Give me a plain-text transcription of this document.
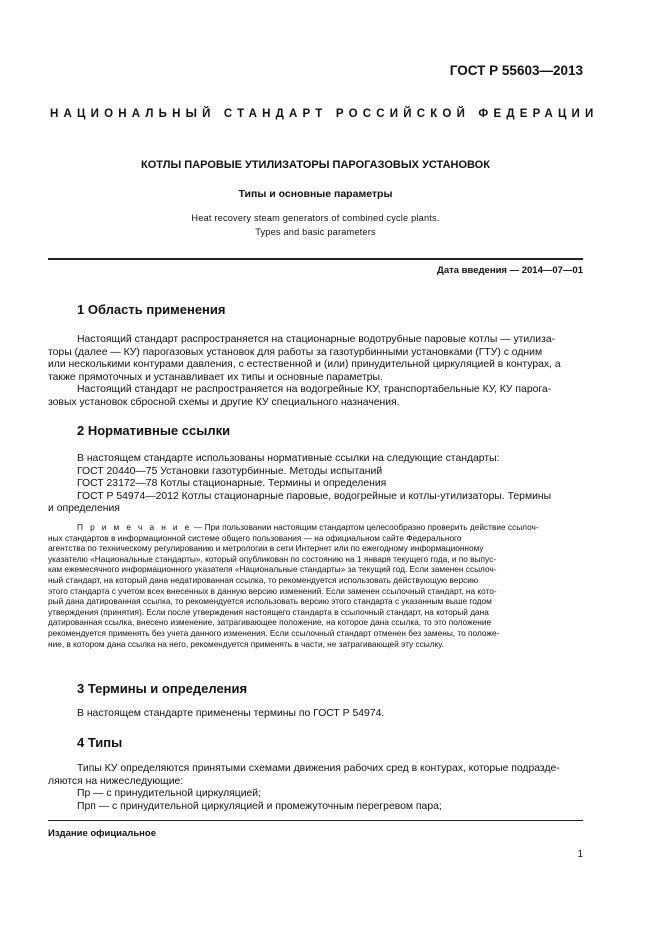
ГОСТ Р 55603—2013
НАЦИОНАЛЬНЫЙ СТАНДАРТ РОССИЙСКОЙ ФЕДЕРАЦИИ
КОТЛЫ ПАРОВЫЕ УТИЛИЗАТОРЫ ПАРОГАЗОВЫХ УСТАНОВОК
Типы и основные параметры
Heat recovery steam generators of combined cycle plants.
Types and basic parameters
Дата введения — 2014—07—01
1 Область применения
Настоящий стандарт распространяется на стационарные водотрубные паровые котлы — утилиза-
торы (далее — КУ) парогазовых установок для работы за газотурбинными установками (ГТУ) с одним
или несколькими контурами давления, с естественной и (или) принудительной циркуляцией в контурах, а
также прямоточных и устанавливает их типы и основные параметры.
Настоящий стандарт не распространяется на водогрейные КУ, транспортабельные КУ, КУ парога-
зовых установок сбросной схемы и другие КУ специального назначения.
2 Нормативные ссылки
В настоящем стандарте использованы нормативные ссылки на следующие стандарты:
ГОСТ 20440—75 Установки газотурбинные. Методы испытаний
ГОСТ 23172—78 Котлы стационарные. Термины и определения
ГОСТ Р 54974—2012 Котлы стационарные паровые, водогрейные и котлы-утилизаторы. Термины
и определения
П р и м е ч а н и е — При пользовании настоящим стандартом целесообразно проверить действие ссылоч-
ных стандартов в информационной системе общего пользования — на официальном сайте Федерального
агентства по техническому регулированию и метрологии в сети Интернет или по ежегодному информационному
указателю «Национальные стандарты», который опубликован по состоянию на 1 января текущего года, и по выпус-
кам ежемесячного информационного указателя «Национальные стандарты» за текущий год. Если заменен ссылоч-
ный стандарт, на который дана недатированная ссылка, то рекомендуется использовать действующую версию
этого стандарта с учетом всех внесенных в данную версию изменений. Если заменен ссылочный стандарт, на кото-
рый дана датированная ссылка, то рекомендуется использовать версию этого стандарта с указанным выше годом
утверждения (принятия). Если после утверждения настоящего стандарта в ссылочный стандарт, на который дана
датированная ссылка, внесено изменение, затрагивающее положение, на которое дана ссылка, то это положение
рекомендуется применять без учета данного изменения. Если ссылочный стандарт отменен без замены, то положе-
ние, в котором дана ссылка на него, рекомендуется применять в части, не затрагивающей эту ссылку.
3 Термины и определения
В настоящем стандарте применены термины по ГОСТ Р 54974.
4 Типы
Типы КУ определяются принятыми схемами движения рабочих сред в контурах, которые подразде-
ляются на нижеследующие:
Пр — с принудительной циркуляцией;
Прп — с принудительной циркуляцией и промежуточным перегревом пара;
Издание официальное
1
